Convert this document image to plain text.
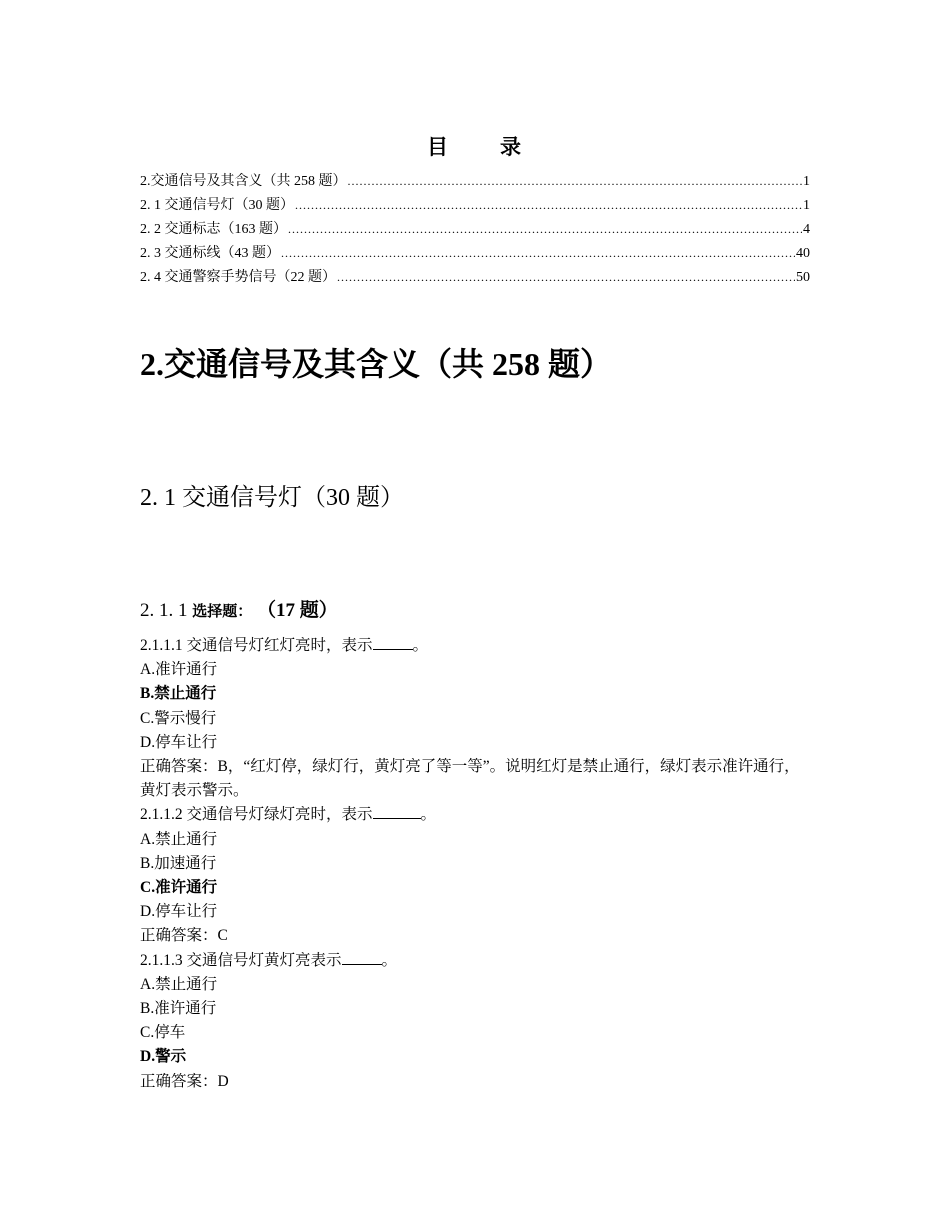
目 录
2.交通信号及其含义（共 258 题） .....	1
2. 1 交通信号灯（30 题） .....	1
2. 2 交通标志（163 题） .....	4
2. 3 交通标线（43 题） .....	40
2. 4 交通警察手势信号（22 题） .....	50
2.交通信号及其含义（共 258 题）
2. 1 交通信号灯（30 题）
2. 1. 1 选择题： （17 题）
2.1.1.1 交通信号灯红灯亮时，表示	。
A.准许通行
B.禁止通行
C.警示慢行
D.停车让行
正确答案：B，“红灯停，绿灯行，黄灯亮了等一等”。说明红灯是禁止通行，绿灯表示准许通行，黄灯表示警示。
2.1.1.2 交通信号灯绿灯亮时，表示	。
A.禁止通行
B.加速通行
C.准许通行
D.停车让行
正确答案：C
2.1.1.3 交通信号灯黄灯亮表示	。
A.禁止通行
B.准许通行
C.停车
D.警示
正确答案：D
